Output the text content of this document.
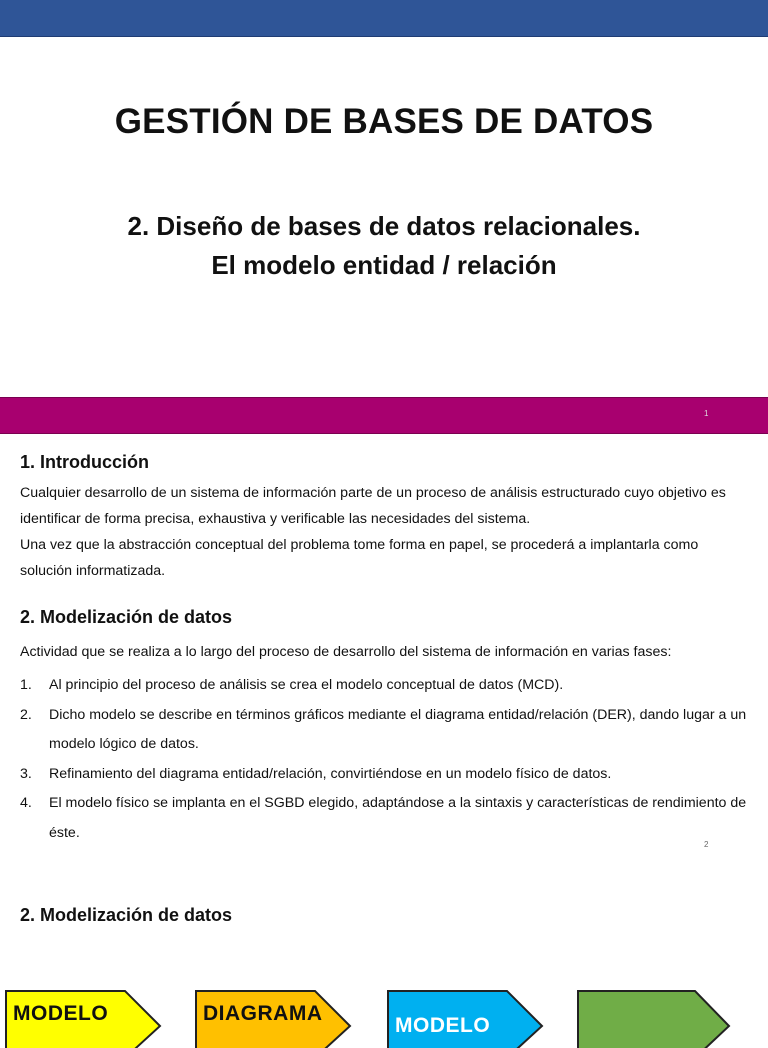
GESTIÓN DE BASES DE DATOS
2. Diseño de bases de datos relacionales.
El modelo entidad / relación
1
1. Introducción
Cualquier desarrollo de un sistema de información parte de un proceso de análisis estructurado cuyo objetivo es
identificar de forma precisa, exhaustiva y verificable las necesidades del sistema.
Una vez que la abstracción conceptual del problema tome forma en papel, se procederá a implantarla como
solución informatizada.
2. Modelización de datos
Actividad que se realiza a lo largo del proceso de desarrollo del sistema de información en varias fases:
1. Al principio del proceso de análisis se crea el modelo conceptual de datos (MCD).
2. Dicho modelo se describe en términos gráficos mediante el diagrama entidad/relación (DER), dando lugar a un
modelo lógico de datos.
3. Refinamiento del diagrama entidad/relación, convirtiéndose en un modelo físico de datos.
4. El modelo físico se implanta en el SGBD elegido, adaptándose a la sintaxis y características de rendimiento de
éste.
2
2. Modelización de datos
MODELO	DIAGRAMA
MODELO
